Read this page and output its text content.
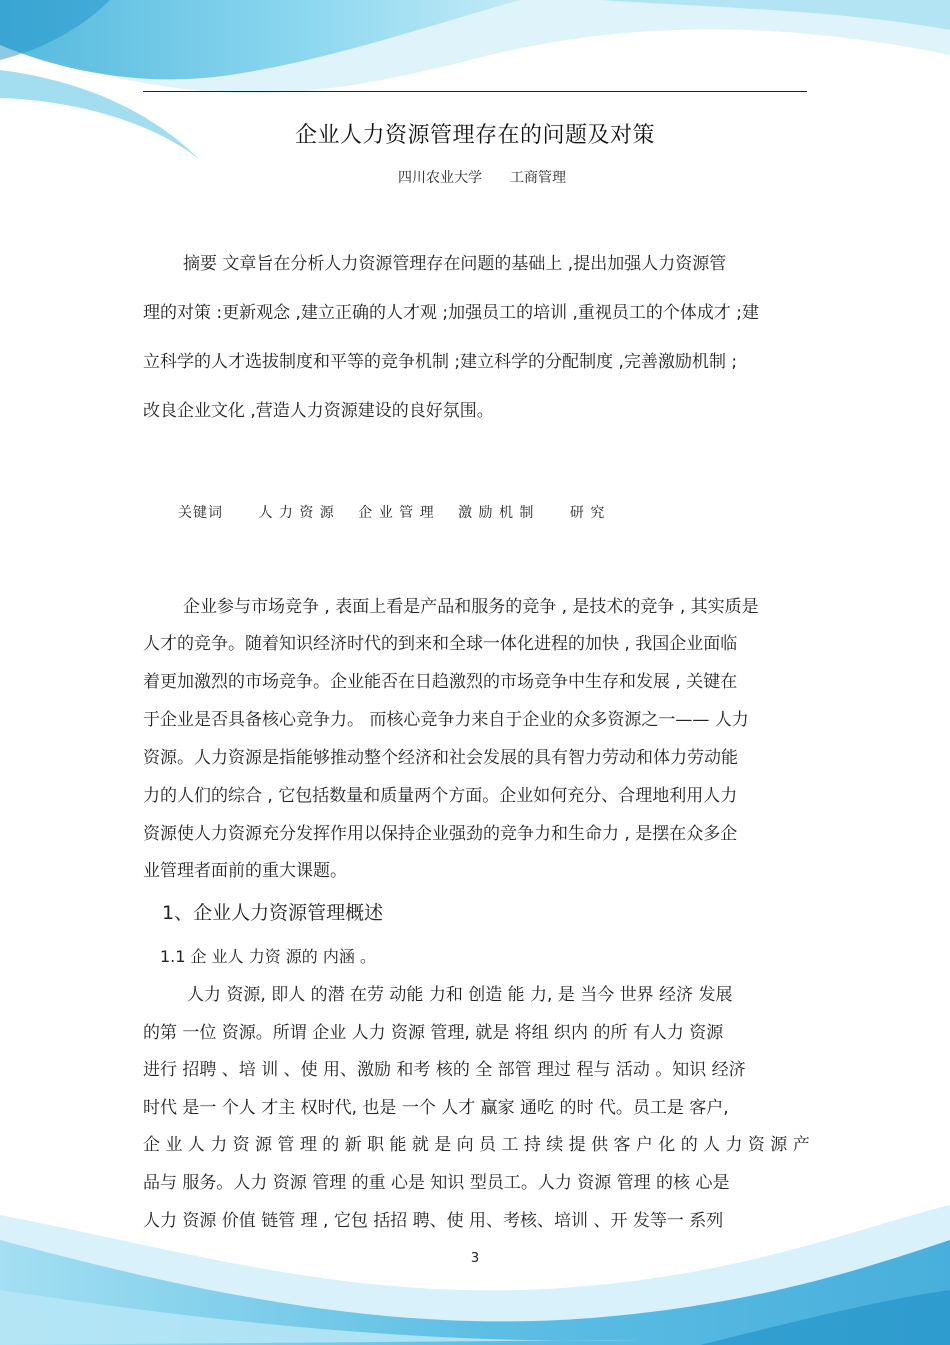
企业人力资源管理存在的问题及对策
四川农业大学 工商管理

摘要 文章旨在分析人力资源管理存在问题的基础上 ,提出加强人力资源管

理的对策 :更新观念 ,建立正确的人才观 ;加强员工的培训 ,重视员工的个体成才 ;建

立科学的人才选拔制度和平等的竞争机制 ;建立科学的分配制度 ,完善激励机制 ;

改良企业文化 ,营造人力资源建设的良好氛围。

关键词	人 力 资 源 企 业 管 理 激 励 机 制	研 究
企业参与市场竞争 , 表面上看是产品和服务的竞争 , 是技术的竞争 , 其实质是
人才的竞争。随着知识经济时代的到来和全球一体化进程的加快 , 我国企业面临
着更加激烈的市场竞争。企业能否在日趋激烈的市场竞争中生存和发展 , 关键在
于企业是否具备核心竞争力。 而核心竞争力来自于企业的众多资源之一—— 人力
资源。人力资源是指能够推动整个经济和社会发展的具有智力劳动和体力劳动能
力的人们的综合 , 它包括数量和质量两个方面。企业如何充分、合理地利用人力
资源使人力资源充分发挥作用以保持企业强劲的竞争力和生命力 , 是摆在众多企
业管理者面前的重大课题。
1、企业人力资源管理概述
1.1 企 业人 力资 源的 内涵 。
人力 资源, 即人 的潜 在劳 动能 力和 创造 能 力, 是 当今 世界 经济 发展
的第 一位 资源。所谓 企业 人力 资源 管理, 就是 将组 织内 的所 有人力 资源
进行 招聘 、培 训 、使 用、激励 和考 核的 全 部管 理过 程与 活动 。知识 经济
时代 是一 个人 才主 权时代, 也是 一个 人才 赢家 通吃 的时 代。员工是 客户,
企 业 人 力 资 源 管 理 的 新 职 能 就 是 向 员 工 持 续 提 供 客 户 化 的 人 力 资 源 产
品与 服务。人力 资源 管理 的重 心是 知识 型员工。人力 资源 管理 的核 心是
人力 资源 价值 链管 理 , 它包 括招 聘、使 用、考核、培训 、开 发等一 系列
3
